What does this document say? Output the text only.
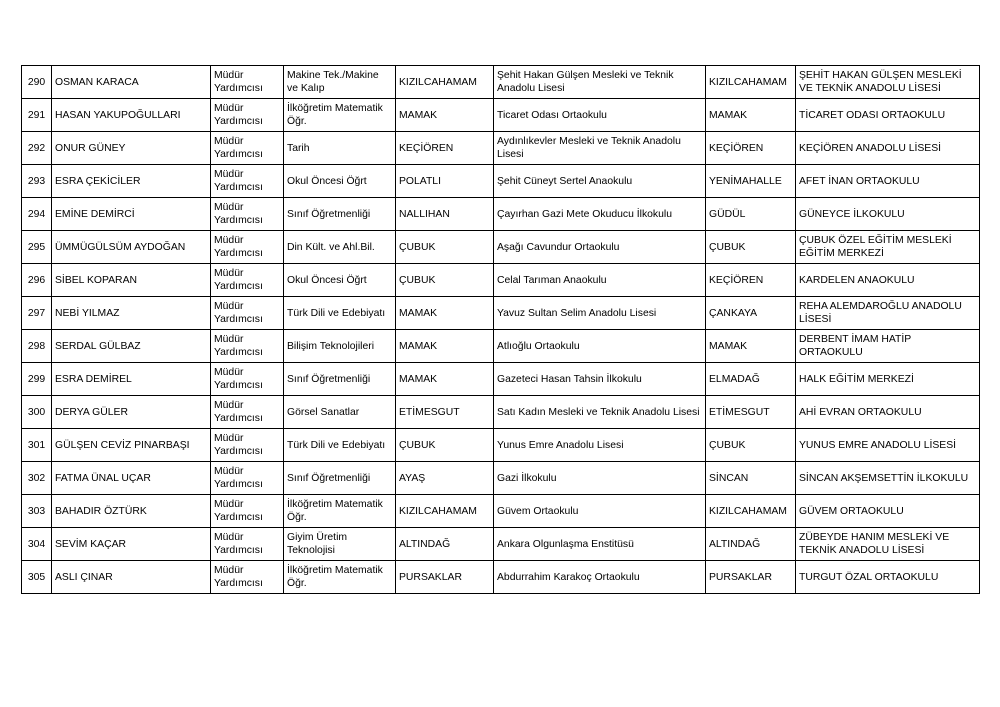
290	OSMAN KARACA	Müdür Yardımcısı	Makine Tek./Makine ve Kalıp	KIZILCAHAMAM	Şehit Hakan Gülşen Mesleki ve Teknik Anadolu Lisesi	KIZILCAHAMAM	ŞEHİT HAKAN GÜLŞEN MESLEKİ VE TEKNİK ANADOLU LİSESİ
291	HASAN YAKUPOĞULLARI	Müdür Yardımcısı	İlköğretim Matematik Öğr.	MAMAK	Ticaret Odası Ortaokulu	MAMAK	TİCARET ODASI ORTAOKULU
292	ONUR GÜNEY	Müdür Yardımcısı	Tarih	KEÇİÖREN	Aydınlıkevler Mesleki ve Teknik Anadolu Lisesi	KEÇİÖREN	KEÇİÖREN ANADOLU LİSESİ
293	ESRA ÇEKİCİLER	Müdür Yardımcısı	Okul Öncesi Öğrt	POLATLI	Şehit Cüneyt Sertel Anaokulu	YENİMAHALLE	AFET İNAN ORTAOKULU
294	EMİNE DEMİRCİ	Müdür Yardımcısı	Sınıf Öğretmenliği	NALLIHAN	Çayırhan Gazi Mete Okuducu İlkokulu	GÜDÜL	GÜNEYCE İLKOKULU
295	ÜMMÜGÜLSÜM AYDOĞAN	Müdür Yardımcısı	Din Kült. ve Ahl.Bil.	ÇUBUK	Aşağı Cavundur Ortaokulu	ÇUBUK	ÇUBUK ÖZEL EĞİTİM MESLEKİ EĞİTİM MERKEZİ
296	SİBEL KOPARAN	Müdür Yardımcısı	Okul Öncesi Öğrt	ÇUBUK	Celal Tarıman Anaokulu	KEÇİÖREN	KARDELEN ANAOKULU
297	NEBİ YILMAZ	Müdür Yardımcısı	Türk Dili ve Edebiyatı	MAMAK	Yavuz Sultan Selim Anadolu Lisesi	ÇANKAYA	REHA ALEMDAROĞLU ANADOLU LİSESİ
298	SERDAL GÜLBAZ	Müdür Yardımcısı	Bilişim Teknolojileri	MAMAK	Atlıoğlu Ortaokulu	MAMAK	DERBENT İMAM HATİP ORTAOKULU
299	ESRA DEMİREL	Müdür Yardımcısı	Sınıf Öğretmenliği	MAMAK	Gazeteci Hasan Tahsin İlkokulu	ELMADAĞ	HALK EĞİTİM MERKEZİ
300	DERYA GÜLER	Müdür Yardımcısı	Görsel Sanatlar	ETİMESGUT	Satı Kadın Mesleki ve Teknik Anadolu Lisesi	ETİMESGUT	AHİ EVRAN ORTAOKULU
301	GÜLŞEN CEVİZ PINARBAŞI	Müdür Yardımcısı	Türk Dili ve Edebiyatı	ÇUBUK	Yunus Emre Anadolu Lisesi	ÇUBUK	YUNUS EMRE ANADOLU LİSESİ
302	FATMA ÜNAL UÇAR	Müdür Yardımcısı	Sınıf Öğretmenliği	AYAŞ	Gazi İlkokulu	SİNCAN	SİNCAN AKŞEMSETTİN İLKOKULU
303	BAHADIR ÖZTÜRK	Müdür Yardımcısı	İlköğretim Matematik Öğr.	KIZILCAHAMAM	Güvem Ortaokulu	KIZILCAHAMAM	GÜVEM ORTAOKULU
304	SEVİM KAÇAR	Müdür Yardımcısı	Giyim Üretim Teknolojisi	ALTINDAĞ	Ankara Olgunlaşma Enstitüsü	ALTINDAĞ	ZÜBEYDE HANIM MESLEKİ VE TEKNİK ANADOLU LİSESİ
305	ASLI ÇINAR	Müdür Yardımcısı	İlköğretim Matematik Öğr.	PURSAKLAR	Abdurrahim Karakoç Ortaokulu	PURSAKLAR	TURGUT ÖZAL ORTAOKULU
